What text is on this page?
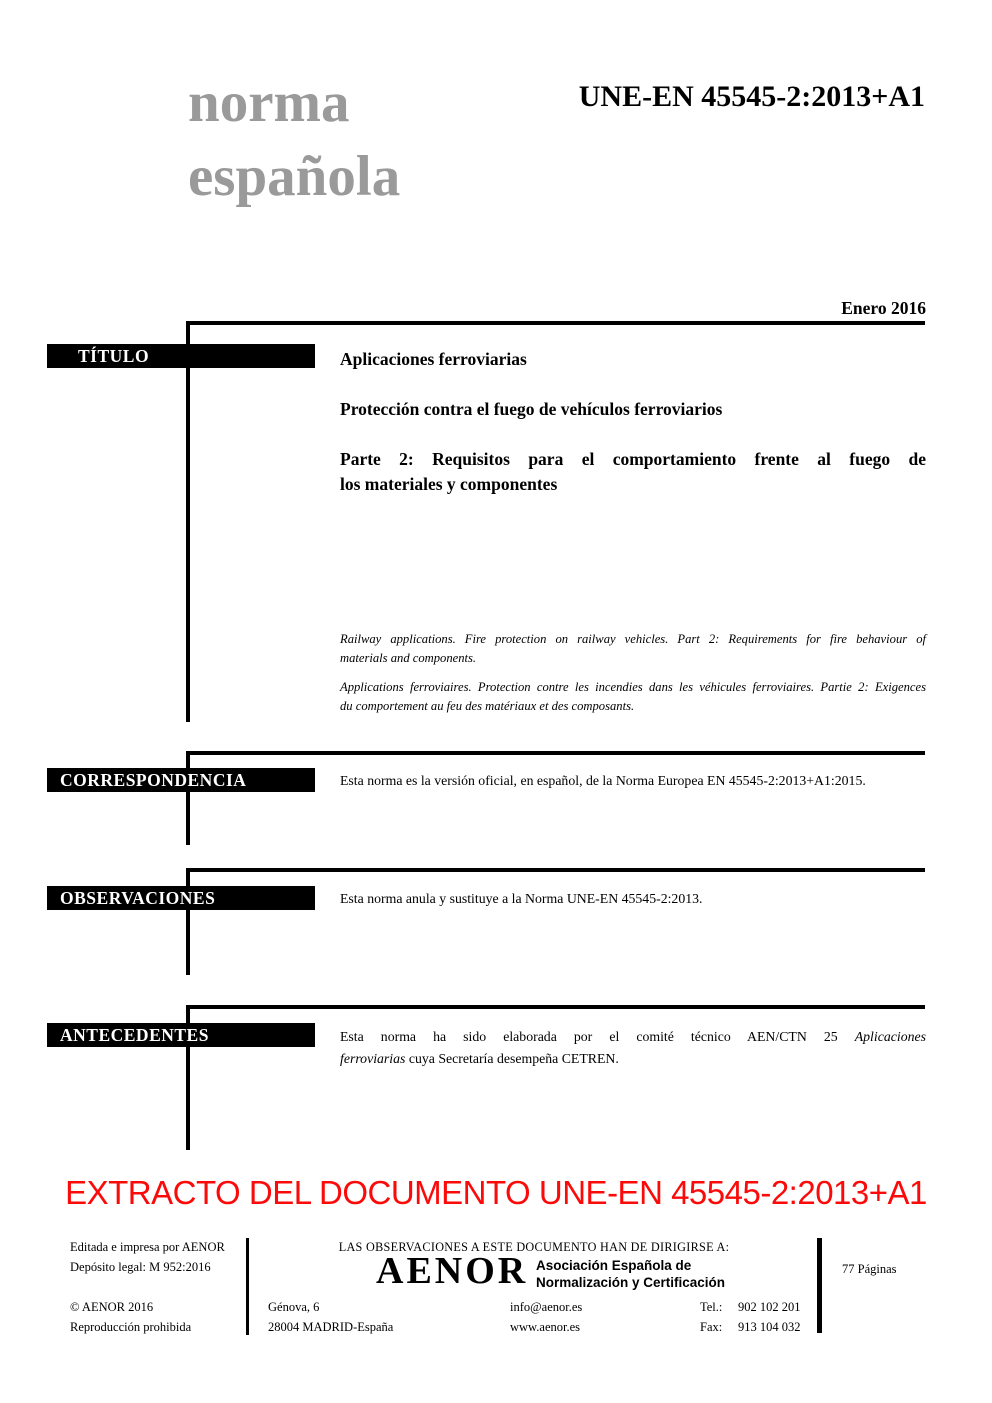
norma
española
UNE-EN 45545-2:2013+A1
Enero 2016
TÍTULO	Aplicaciones ferroviarias

Protección contra el fuego de vehículos ferroviarios

Parte 2: Requisitos para el comportamiento frente al fuego de

los materiales y componentes

Railway applications. Fire protection on railway vehicles. Part 2: Requirements for fire behaviour of

materials and components.

Applications ferroviaires. Protection contre les incendies dans les véhicules ferroviaires. Partie 2: Exigences

du comportement au feu des matériaux et des composants.

CORRESPONDENCIA	Esta norma es la versión oficial, en español, de la Norma Europea EN 45545-2:2013+A1:2015.

OBSERVACIONES	Esta norma anula y sustituye a la Norma UNE-EN 45545-2:2013.

ANTECEDENTES	Esta norma ha sido elaborada por el comité técnico AEN/CTN 25 Aplicaciones

ferroviarias cuya Secretaría desempeña CETREN.

EXTRACTO DEL DOCUMENTO UNE-EN 45545-2:2013+A1
Editada e impresa por AENOR
Depósito legal: M 952:2016
© AENOR 2016
Reproducción prohibida
LAS OBSERVACIONES A ESTE DOCUMENTO HAN DE DIRIGIRSE A:
AENOR Asociación Española de
Normalización y Certificación
Génova, 6
28004 MADRID-España
info@aenor.es
www.aenor.es
Tel.:	902 102 201
Fax:	913 104 032
77 Páginas
